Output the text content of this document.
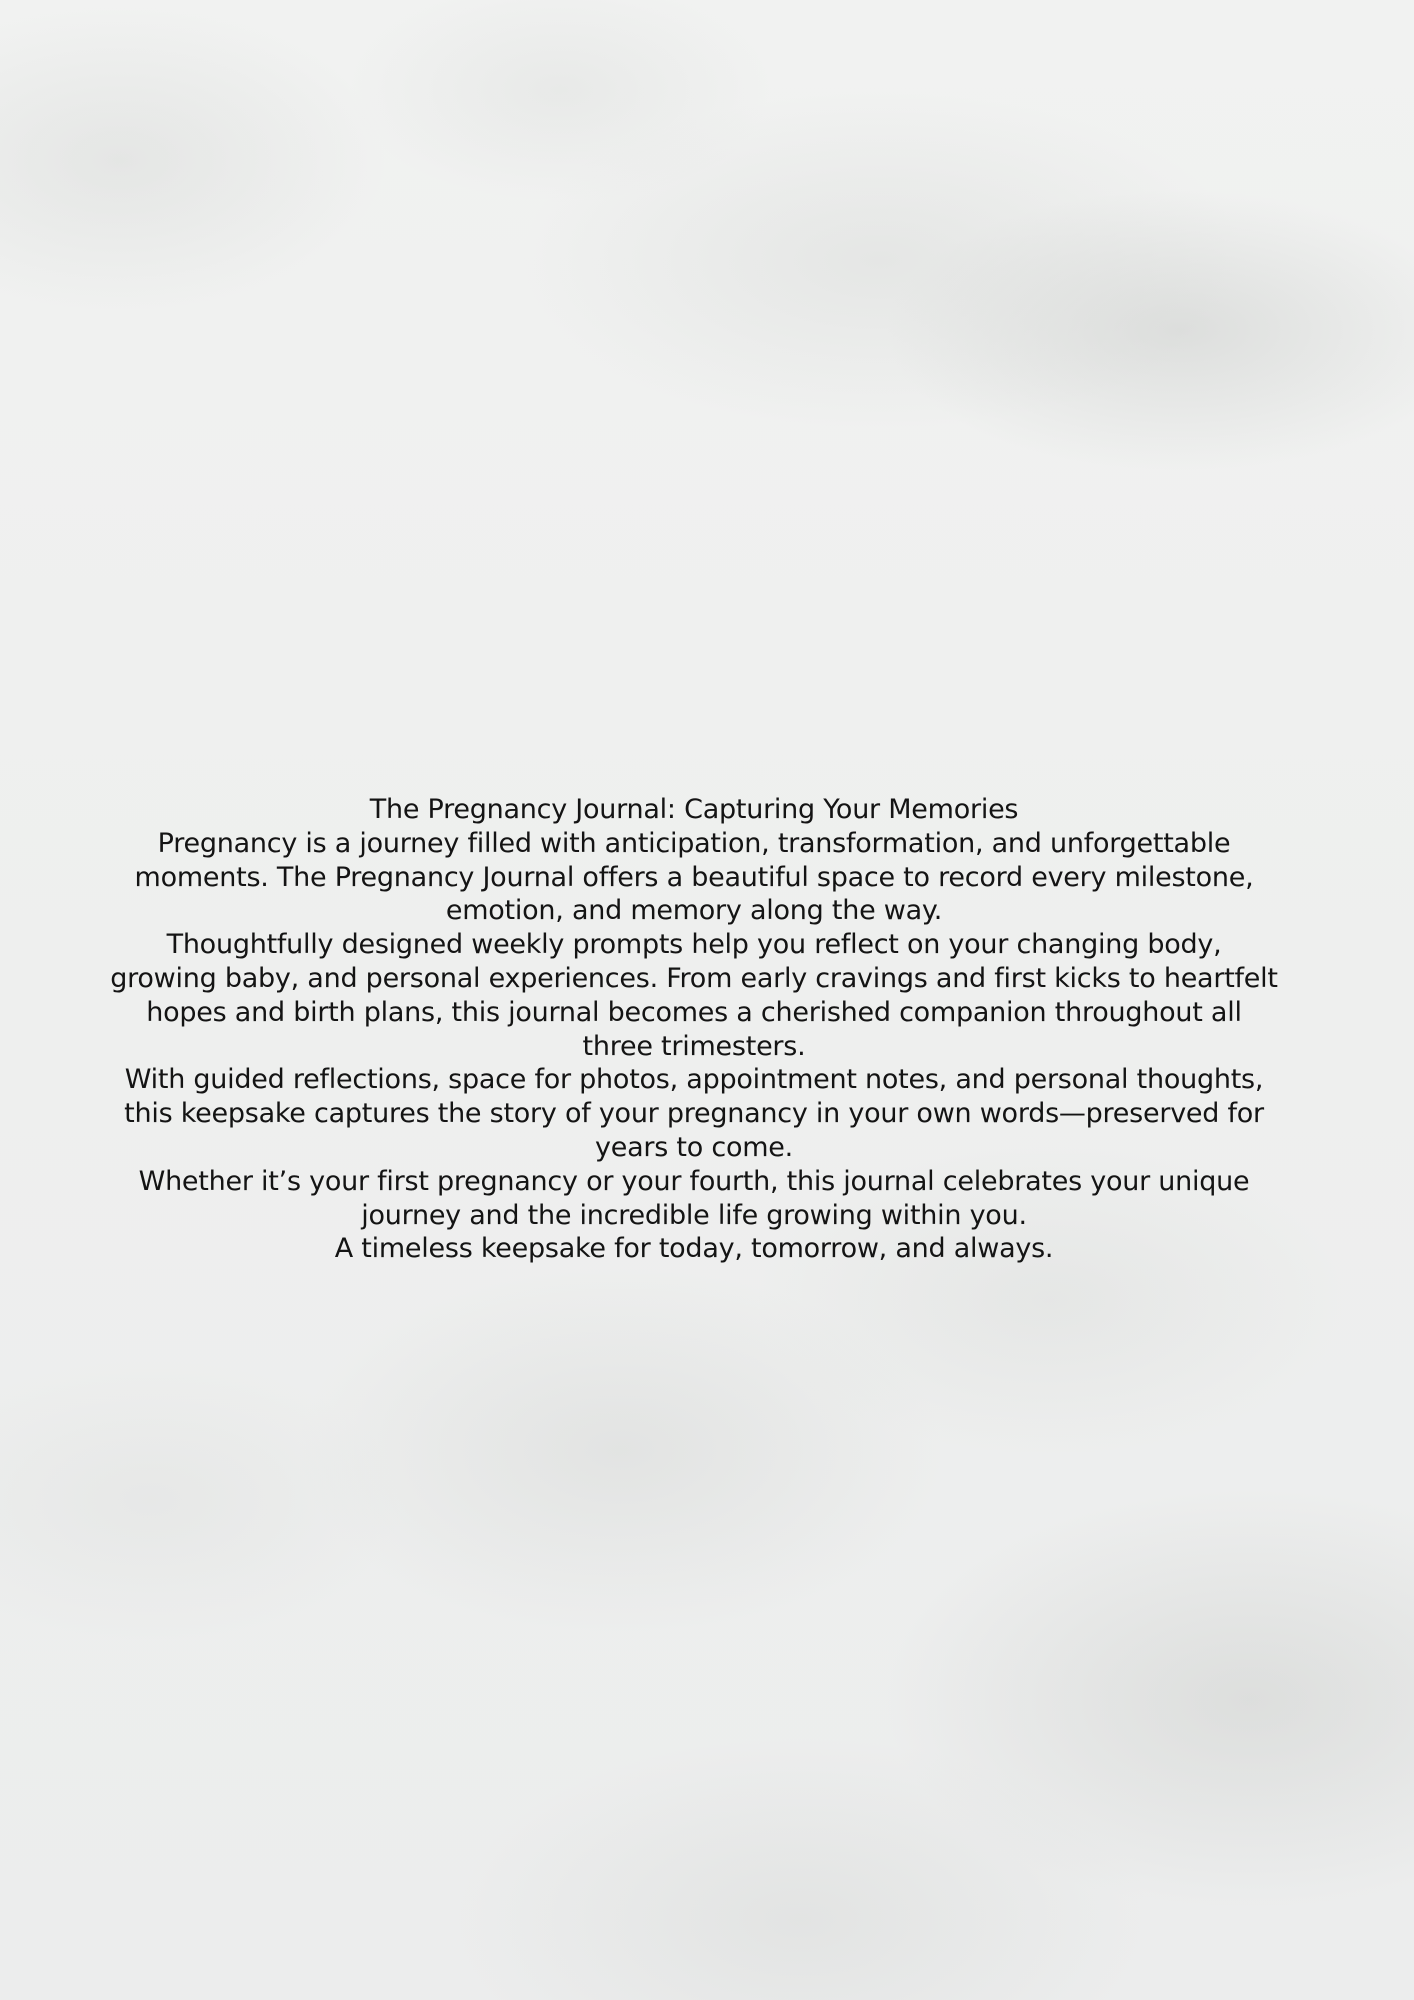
The Pregnancy Journal: Capturing Your Memories

Pregnancy is a journey filled with anticipation, transformation, and unforgettable moments. The Pregnancy Journal offers a beautiful space to record every milestone, emotion, and memory along the way.

Thoughtfully designed weekly prompts help you reflect on your changing body, growing baby, and personal experiences. From early cravings and first kicks to heartfelt hopes and birth plans, this journal becomes a cherished companion throughout all three trimesters.

With guided reflections, space for photos, appointment notes, and personal thoughts, this keepsake captures the story of your pregnancy in your own words—preserved for years to come.

Whether it’s your first pregnancy or your fourth, this journal celebrates your unique journey and the incredible life growing within you.

A timeless keepsake for today, tomorrow, and always.
